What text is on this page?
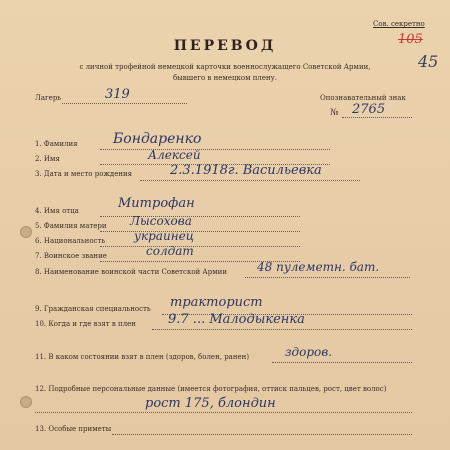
Сов. секретно
105
45
ПЕРЕВОД
с личной трофейной немецкой карточки военнослужащего Советской Армии,
бывшего в немецком плену.
Лагерь	319	Опознавательный знак
№ 2765
1. Фамилия	Бондаренко
2. Имя	Алексей
3. Дата и место рождения	2.3.1918г. Васильевка
4. Имя отца	Митрофан
5. Фамилия матери Лысохова
6. Национальность украинец
7. Воинское звание	солдат
8. Наименование воинской части Советской Армии	48 пулеметн. бат.
9. Гражданская специальность тракторист
10. Когда и где взят в плен 9.7 ... Малодыкенка
11. В каком состоянии взят в плен (здоров, болен, ранен)	здоров.
12. Подробные персональные данные (имеется фотография, оттиск пальцев, рост, цвет волос)
рост 175, блондин
13. Особые приметы
